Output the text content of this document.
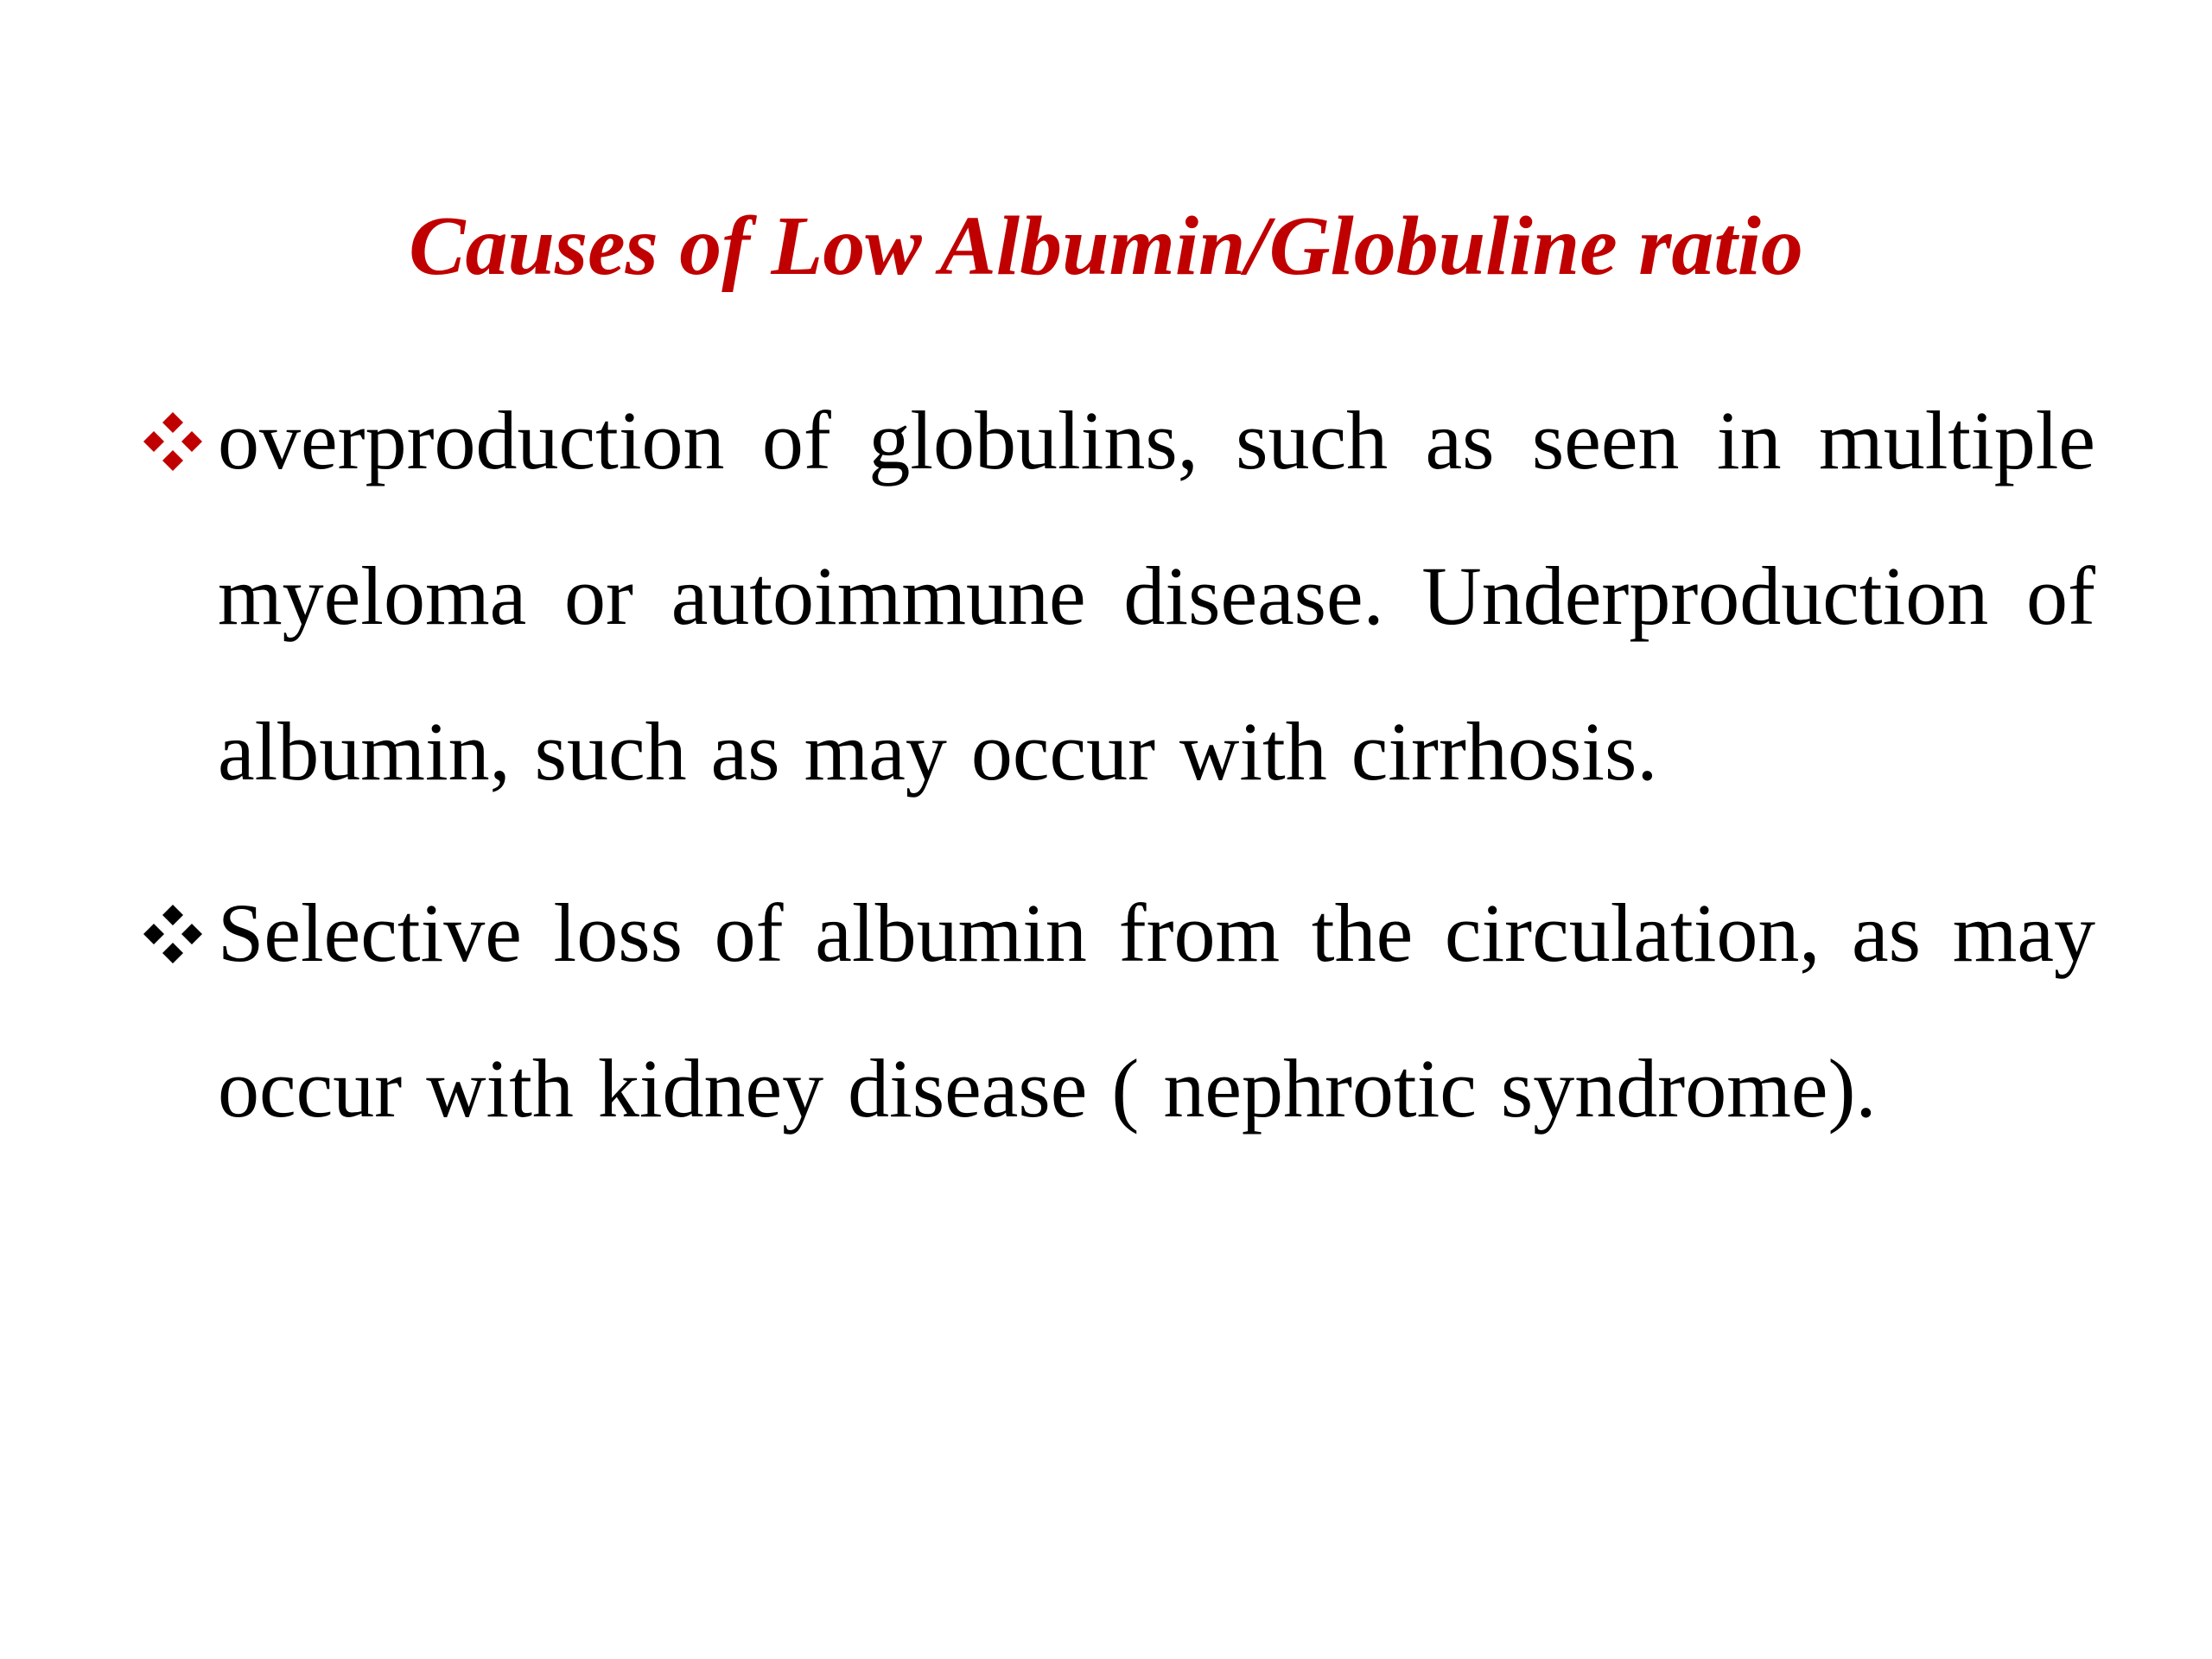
Causes of Low Albumin/Globuline ratio
overproduction of globulins, such as seen in multiple myeloma or autoimmune disease. Underproduction of albumin, such as may occur with cirrhosis.
Selective loss of albumin from the circulation, as may occur with kidney disease ( nephrotic syndrome).
